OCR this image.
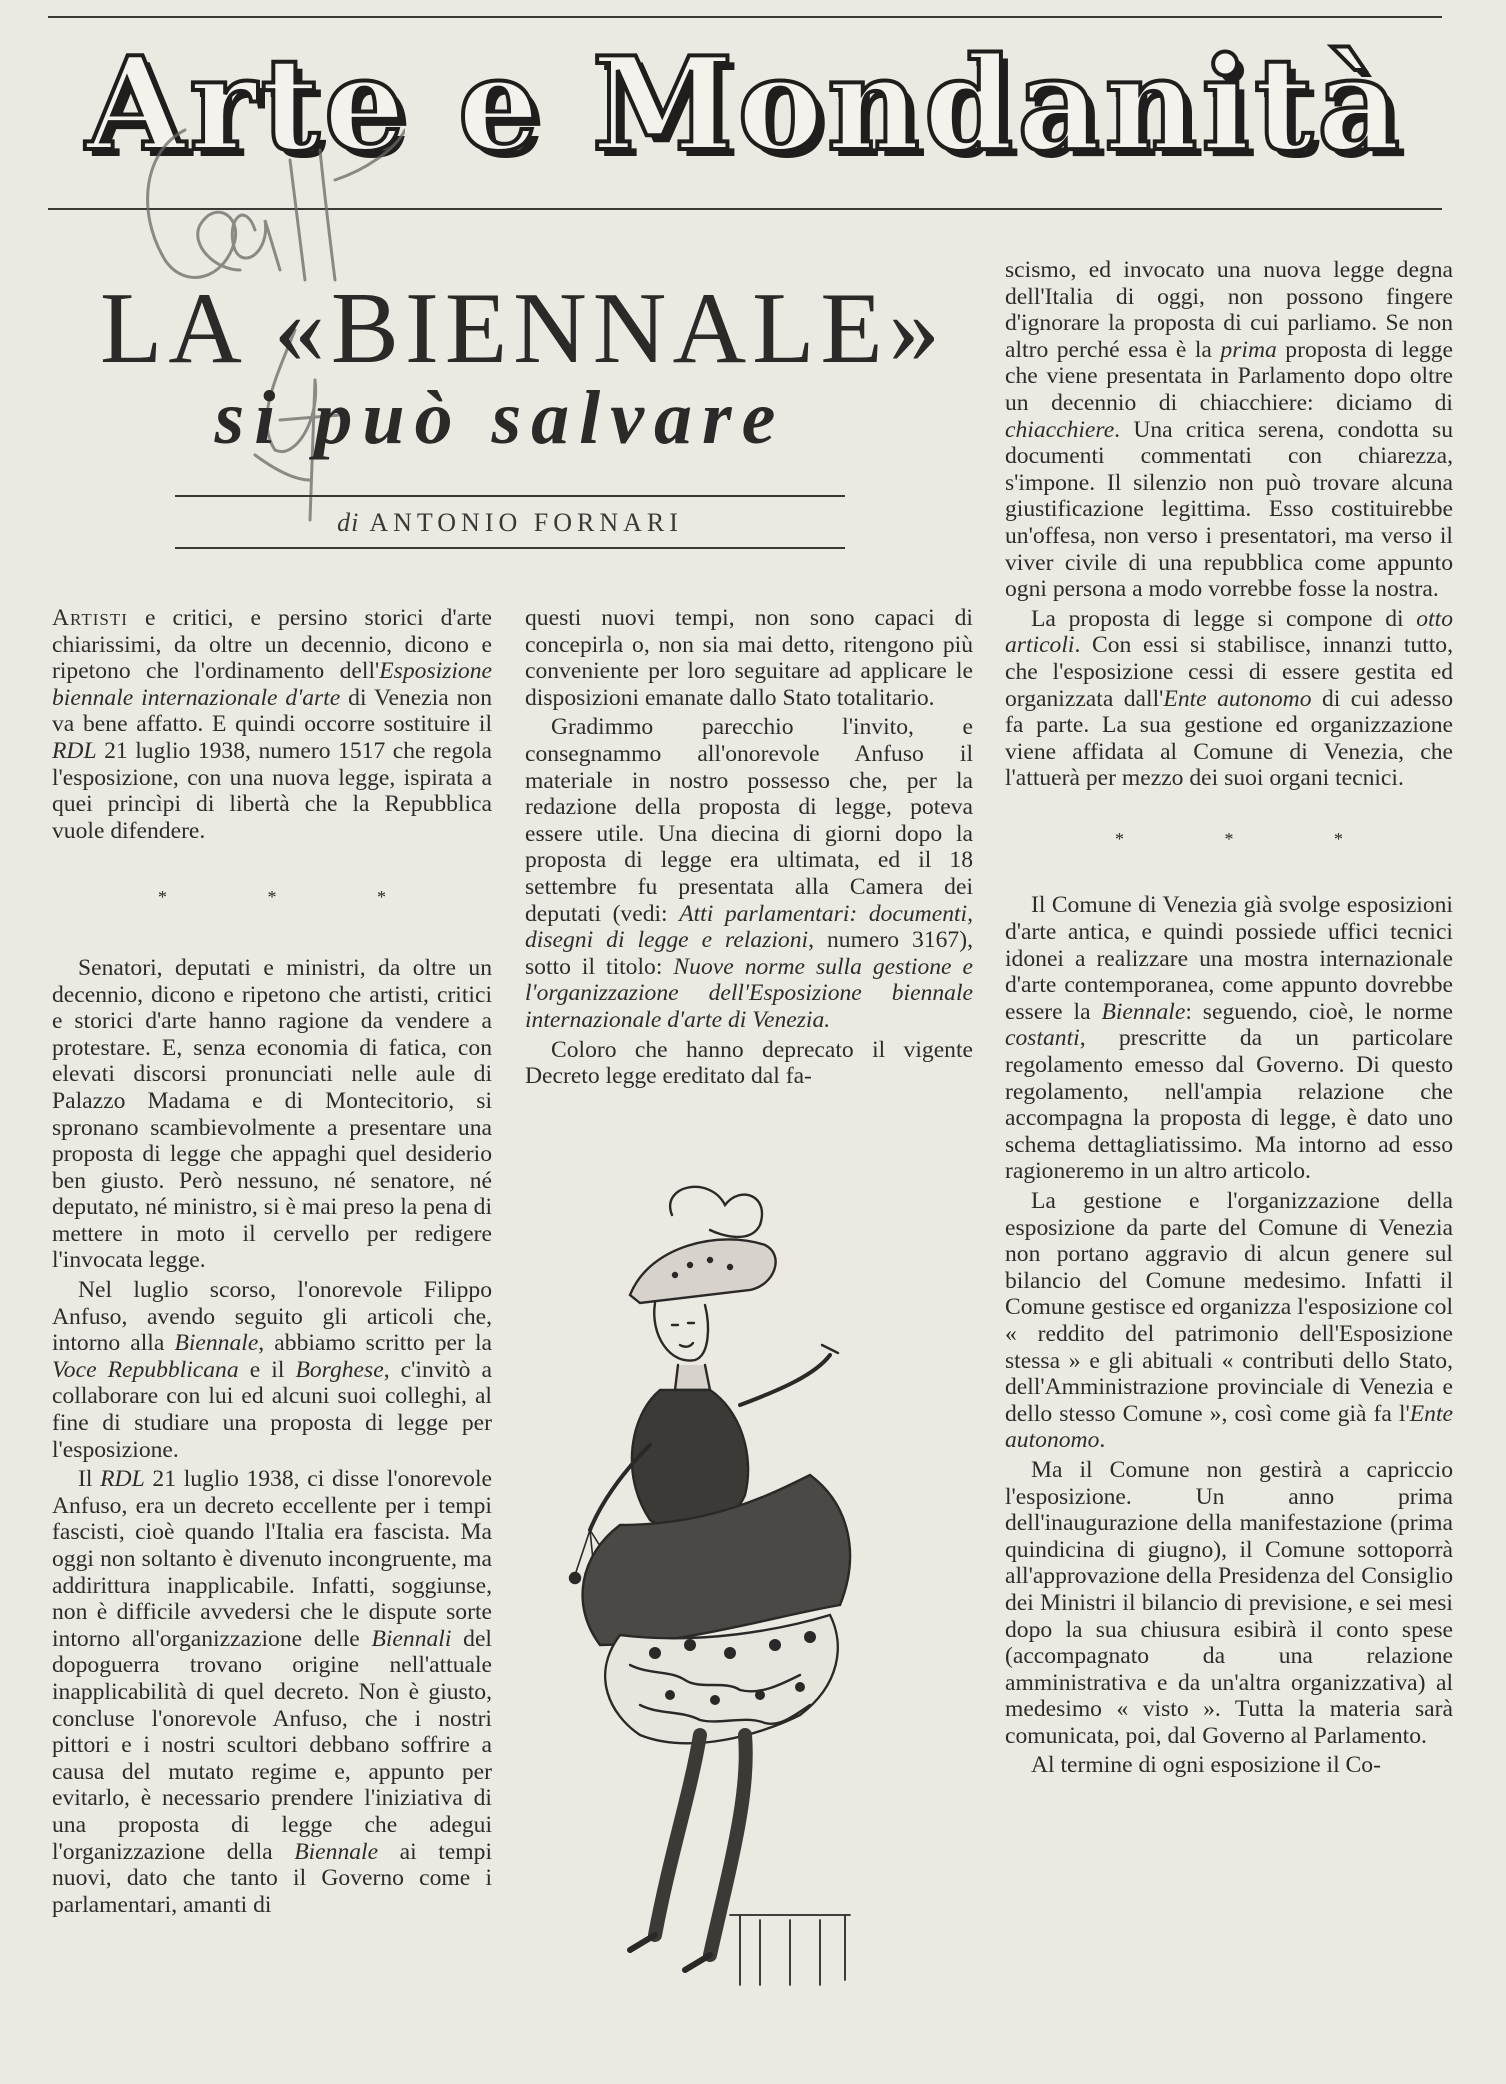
Arte e Mondanità
LA «BIENNALE»
si può salvare
di ANTONIO FORNARI

Artisti e critici, e persino storici d'arte chiarissimi, da oltre un decennio, dicono e ripetono che l'ordinamento dell'Esposizione biennale internazionale d'arte di Venezia non va bene affatto. E quindi occorre sostituire il RDL 21 luglio 1938, numero 1517 che regola l'esposizione, con una nuova legge, ispirata a quei princìpi di libertà che la Repubblica vuole difendere.

* * *

Senatori, deputati e ministri, da oltre un decennio, dicono e ripetono che artisti, critici e storici d'arte hanno ragione da vendere a protestare. E, senza economia di fatica, con elevati discorsi pronunciati nelle aule di Palazzo Madama e di Montecitorio, si spronano scambievolmente a presentare una proposta di legge che appaghi quel desiderio ben giusto. Però nessuno, né senatore, né deputato, né ministro, si è mai preso la pena di mettere in moto il cervello per redigere l'invocata legge.

Nel luglio scorso, l'onorevole Filippo Anfuso, avendo seguito gli articoli che, intorno alla Biennale, abbiamo scritto per la Voce Repubblicana e il Borghese, c'invitò a collaborare con lui ed alcuni suoi colleghi, al fine di studiare una proposta di legge per l'esposizione.

Il RDL 21 luglio 1938, ci disse l'onorevole Anfuso, era un decreto eccellente per i tempi fascisti, cioè quando l'Italia era fascista. Ma oggi non soltanto è divenuto incongruente, ma addirittura inapplicabile. Infatti, soggiunse, non è difficile avvedersi che le dispute sorte intorno all'organizzazione delle Biennali del dopoguerra trovano origine nell'attuale inapplicabilità di quel decreto. Non è giusto, concluse l'onorevole Anfuso, che i nostri pittori e i nostri scultori debbano soffrire a causa del mutato regime e, appunto per evitarlo, è necessario prendere l'iniziativa di una proposta di legge che adegui l'organizzazione della Biennale ai tempi nuovi, dato che tanto il Governo come i parlamentari, amanti di

questi nuovi tempi, non sono capaci di concepirla o, non sia mai detto, ritengono più conveniente per loro seguitare ad applicare le disposizioni emanate dallo Stato totalitario.

Gradimmo parecchio l'invito, e consegnammo all'onorevole Anfuso il materiale in nostro possesso che, per la redazione della proposta di legge, poteva essere utile. Una diecina di giorni dopo la proposta di legge era ultimata, ed il 18 settembre fu presentata alla Camera dei deputati (vedi: Atti parlamentari: documenti, disegni di legge e relazioni, numero 3167), sotto il titolo: Nuove norme sulla gestione e l'organizzazione dell'Esposizione biennale internazionale d'arte di Venezia.

Coloro che hanno deprecato il vigente Decreto legge ereditato dal fa-

scismo, ed invocato una nuova legge degna dell'Italia di oggi, non possono fingere d'ignorare la proposta di cui parliamo. Se non altro perché essa è la prima proposta di legge che viene presentata in Parlamento dopo oltre un decennio di chiacchiere: diciamo di chiacchiere. Una critica serena, condotta su documenti commentati con chiarezza, s'impone. Il silenzio non può trovare alcuna giustificazione legittima. Esso costituirebbe un'offesa, non verso i presentatori, ma verso il viver civile di una repubblica come appunto ogni persona a modo vorrebbe fosse la nostra.

La proposta di legge si compone di otto articoli. Con essi si stabilisce, innanzi tutto, che l'esposizione cessi di essere gestita ed organizzata dall'Ente autonomo di cui adesso fa parte. La sua gestione ed organizzazione viene affidata al Comune di Venezia, che l'attuerà per mezzo dei suoi organi tecnici.

* * *

Il Comune di Venezia già svolge esposizioni d'arte antica, e quindi possiede uffici tecnici idonei a realizzare una mostra internazionale d'arte contemporanea, come appunto dovrebbe essere la Biennale: seguendo, cioè, le norme costanti, prescritte da un particolare regolamento emesso dal Governo. Di questo regolamento, nell'ampia relazione che accompagna la proposta di legge, è dato uno schema dettagliatissimo. Ma intorno ad esso ragioneremo in un altro articolo.

La gestione e l'organizzazione della esposizione da parte del Comune di Venezia non portano aggravio di alcun genere sul bilancio del Comune medesimo. Infatti il Comune gestisce ed organizza l'esposizione col « reddito del patrimonio dell'Esposizione stessa » e gli abituali « contributi dello Stato, dell'Amministrazione provinciale di Venezia e dello stesso Comune », così come già fa l'Ente autonomo.

Ma il Comune non gestirà a capriccio l'esposizione. Un anno prima dell'inaugurazione della manifestazione (prima quindicina di giugno), il Comune sottoporrà all'approvazione della Presidenza del Consiglio dei Ministri il bilancio di previsione, e sei mesi dopo la sua chiusura esibirà il conto spese (accompagnato da una relazione amministrativa e da un'altra organizzativa) al medesimo « visto ». Tutta la materia sarà comunicata, poi, dal Governo al Parlamento.

Al termine di ogni esposizione il Co-
